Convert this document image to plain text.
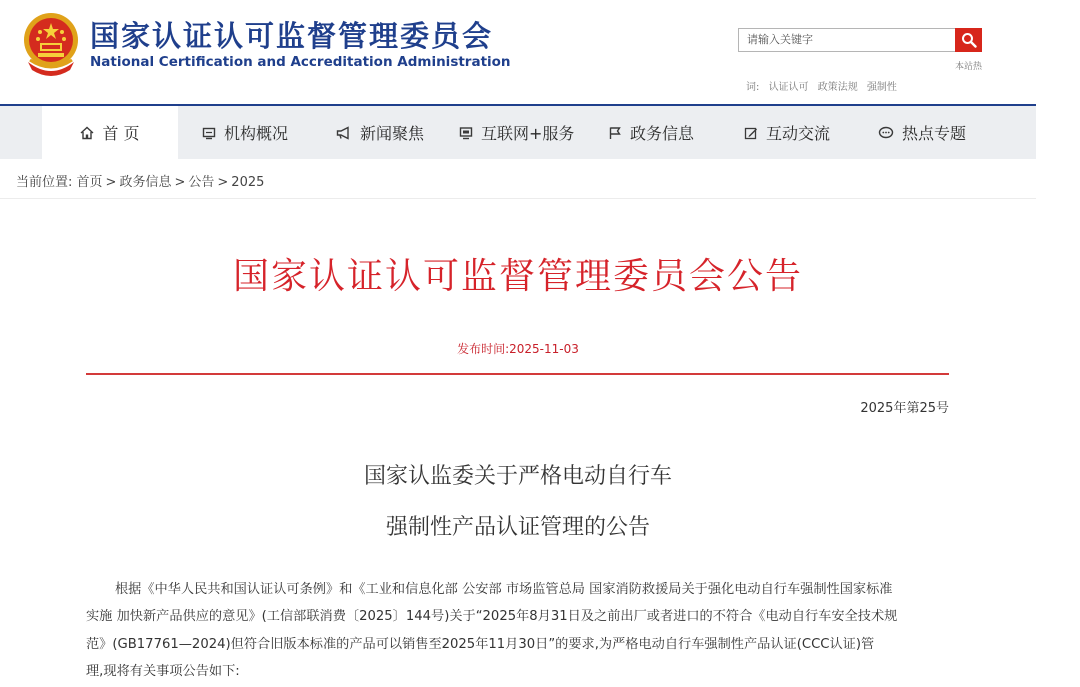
国家认证认可监督管理委员会
National Certification and Accreditation Administration
请输入关键字
本站热
词: 认证认可 政策法规 强制性
首 页	机构概况	新闻聚焦	互联网+服务	政务信息	互动交流	热点专题
当前位置: 首页 > 政务信息 > 公告 > 2025
国家认证认可监督管理委员会公告
发布时间:2025-11-03
2025年第25号
国家认监委关于严格电动自行车
强制性产品认证管理的公告
根据《中华人民共和国认证认可条例》和《工业和信息化部 公安部 市场监管总局 国家消防救援局关于强化电动自行车强制性国家标准
实施 加快新产品供应的意见》(工信部联消费〔2025〕144号)关于“2025年8月31日及之前出厂或者进口的不符合《电动自行车安全技术规
范》(GB17761—2024)但符合旧版本标准的产品可以销售至2025年11月30日”的要求,为严格电动自行车强制性产品认证(CCC认证)管
理,现将有关事项公告如下:
